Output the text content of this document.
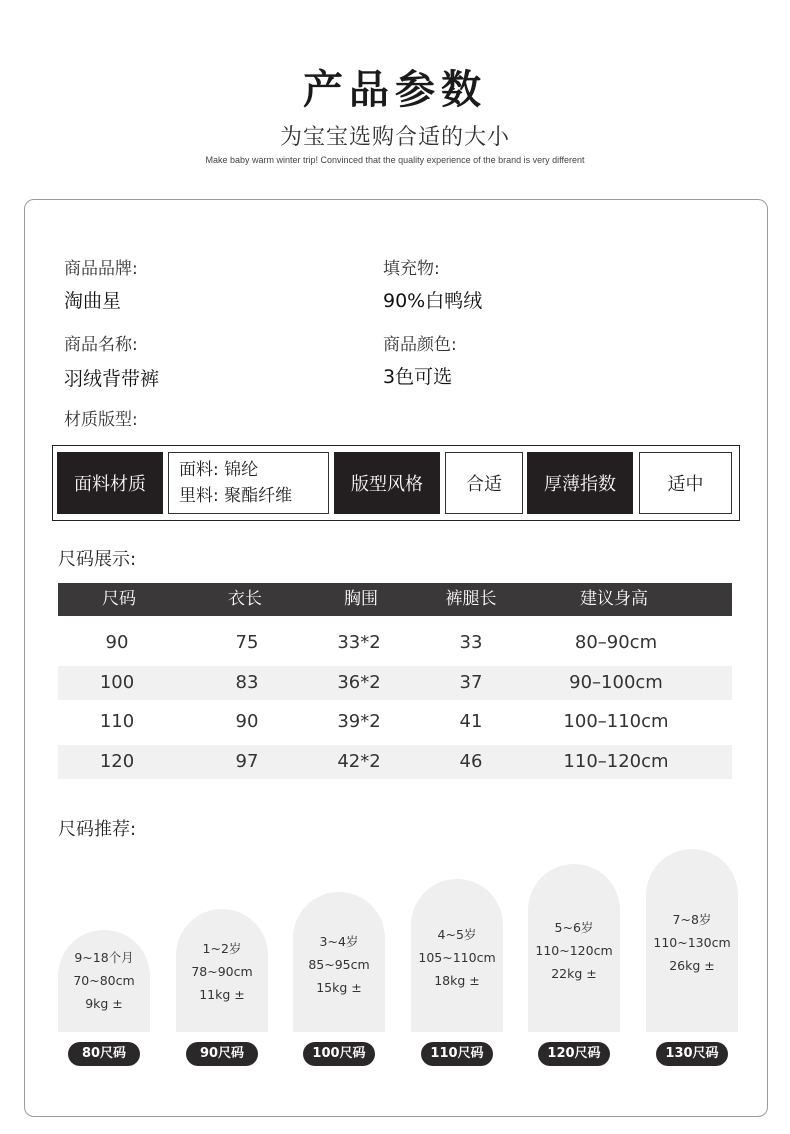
产品参数
为宝宝选购合适的大小
Make baby warm winter trip! Convinced that the quality experience of the brand is very different
商品品牌:
淘曲星
填充物:
90%白鸭绒
商品名称:
羽绒背带裤
商品颜色:
3色可选
材质版型:
面料材质
面料: 锦纶
里料: 聚酯纤维
版型风格	合适	厚薄指数	适中
尺码展示:
尺码	衣长	胸围	裤腿长	建议身高
90	75	33*2	33	80–90cm
100	83	36*2	37	90–100cm
110	90	39*2	41	100–110cm
120	97	42*2	46	110–120cm
尺码推荐:
9~18个月
70~80cm
9kg ±
1~2岁
78~90cm
11kg ±
3~4岁
85~95cm
15kg ±
4~5岁
105~110cm
18kg ±
5~6岁
110~120cm
22kg ±
7~8岁
110~130cm
26kg ±
80尺码	90尺码	100尺码	110尺码	120尺码	130尺码
